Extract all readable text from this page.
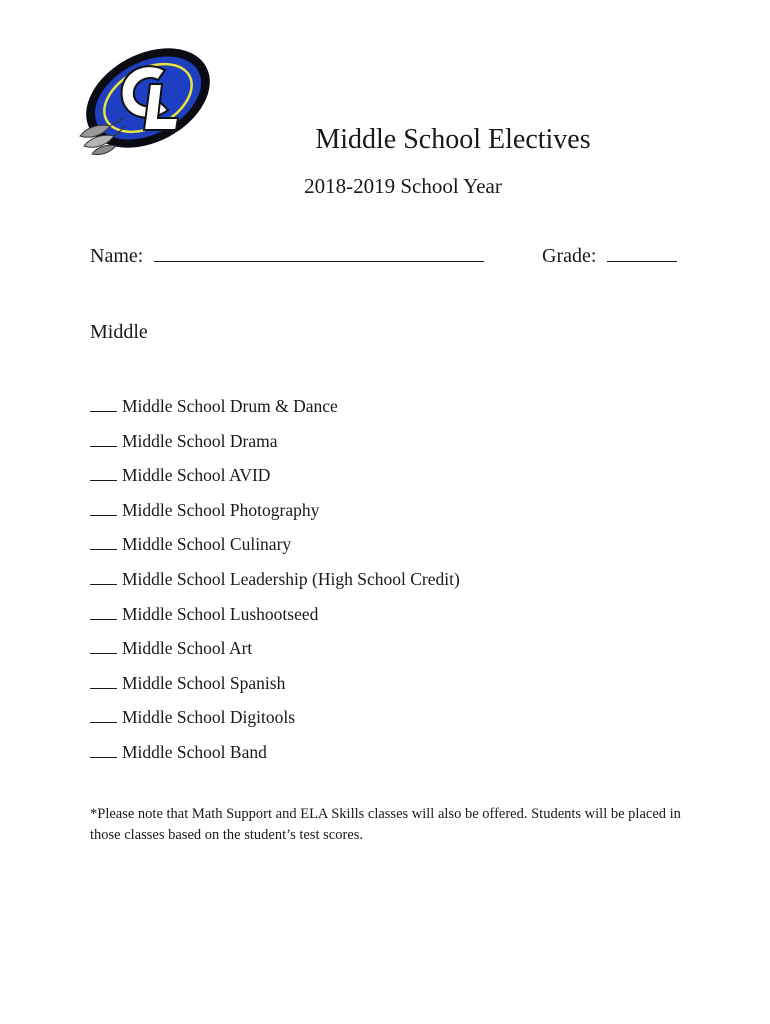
Middle School Electives
2018-2019 School Year
Name:	Grade:
Middle
Middle School Drum & Dance
Middle School Drama
Middle School AVID
Middle School Photography
Middle School Culinary
Middle School Leadership (High School Credit)
Middle School Lushootseed
Middle School Art
Middle School Spanish
Middle School Digitools
Middle School Band
*Please note that Math Support and ELA Skills classes will also be offered. Students will be placed in those classes based on the student’s test scores.
